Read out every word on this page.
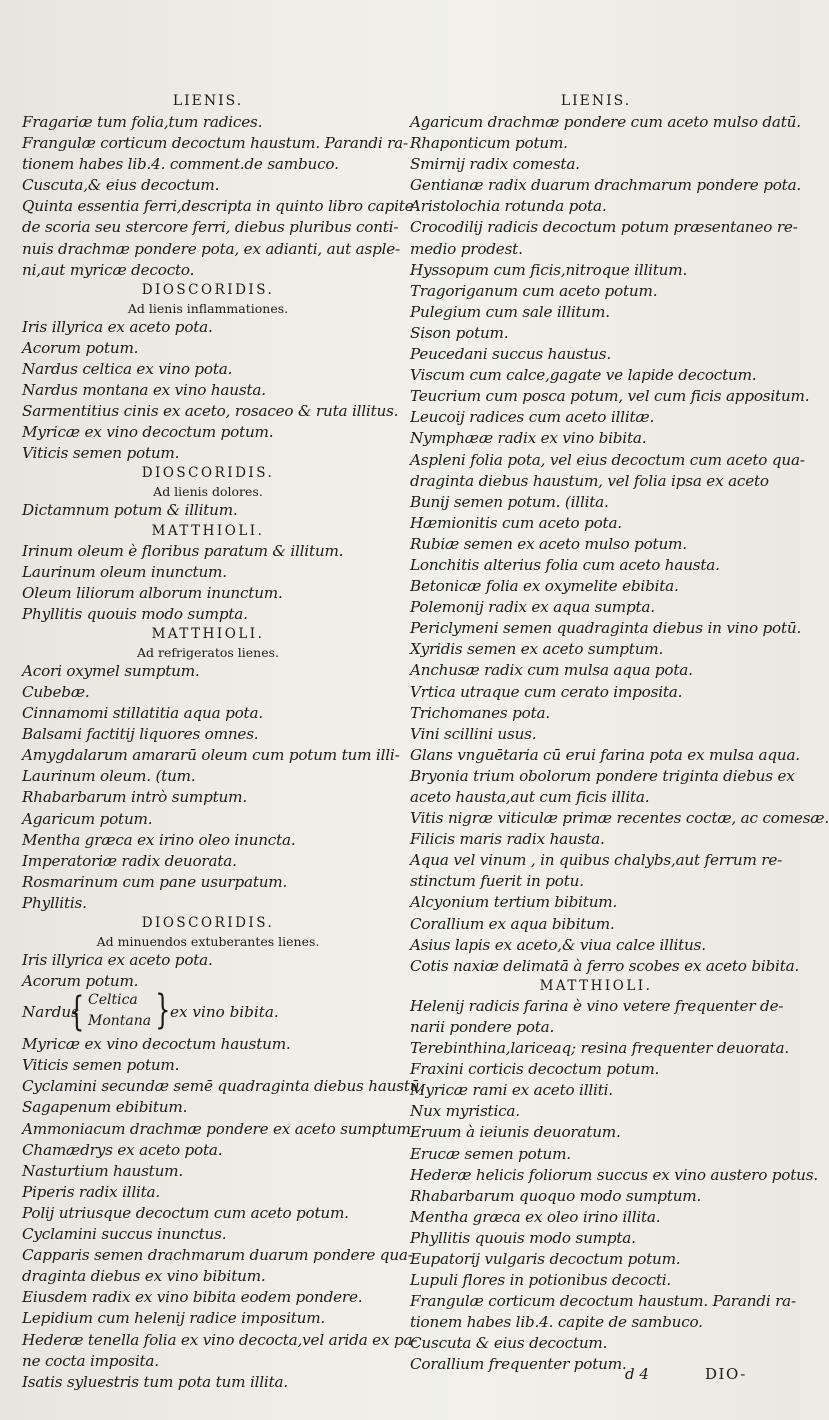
LIENIS.
Fragariæ tum folia,tum radices.
Frangulæ corticum decoctum haustum. Parandi ra-
tionem habes lib.4. comment.de sambuco.
Cuscuta,& eius decoctum.
Quinta essentia ferri,descripta in quinto libro capite
de scoria seu stercore ferri, diebus pluribus conti-
nuis drachmæ pondere pota, ex adianti, aut asple-
ni,aut myricæ decocto.
DIOSCORIDIS.
Ad lienis inflammationes.
Iris illyrica ex aceto pota.
Acorum potum.
Nardus celtica ex vino pota.
Nardus montana ex vino hausta.
Sarmentitius cinis ex aceto, rosaceo & ruta illitus.
Myricæ ex vino decoctum potum.
Viticis semen potum.
DIOSCORIDIS.
Ad lienis dolores.
Dictamnum potum & illitum.
MATTHIOLI.
Irinum oleum è floribus paratum & illitum.
Laurinum oleum inunctum.
Oleum liliorum alborum inunctum.
Phyllitis quouis modo sumpta.
MATTHIOLI.
Ad refrigeratos lienes.
Acori oxymel sumptum.
Cubebæ.
Cinnamomi stillatitia aqua pota.
Balsami factitij liquores omnes.
Amygdalarum amararū oleum cum potum tum illi-
Laurinum oleum. (tum.
Rhabarbarum intrò sumptum.
Agaricum potum.
Mentha græca ex irino oleo inuncta.
Imperatoriæ radix deuorata.
Rosmarinum cum pane usurpatum.
Phyllitis.
DIOSCORIDIS.
Ad minuendos extuberantes lienes.
Iris illyrica ex aceto pota.
Acorum potum.
Nardus
{ Celtica
Montana { ex vino bibita.
Myricæ ex vino decoctum haustum.
Viticis semen potum.
Cyclamini secundæ semē quadraginta diebus haustū.
Sagapenum ebibitum.
Ammoniacum drachmæ pondere ex aceto sumptum.
Chamædrys ex aceto pota.
Nasturtium haustum.
Piperis radix illita.
Polij utriusque decoctum cum aceto potum.
Cyclamini succus inunctus.
Capparis semen drachmarum duarum pondere qua-
draginta diebus ex vino bibitum.
Eiusdem radix ex vino bibita eodem pondere.
Lepidium cum helenij radice impositum.
Hederæ tenella folia ex vino decocta,vel arida ex pa-
ne cocta imposita.
Isatis syluestris tum pota tum illita.
LIENIS.
Agaricum drachmæ pondere cum aceto mulso datū.
Rhaponticum potum.
Smirnij radix comesta.
Gentianæ radix duarum drachmarum pondere pota.
Aristolochia rotunda pota.
Crocodilij radicis decoctum potum præsentaneo re-
medio prodest.
Hyssopum cum ficis,nitroque illitum.
Tragoriganum cum aceto potum.
Pulegium cum sale illitum.
Sison potum.
Peucedani succus haustus.
Viscum cum calce,gagate ve lapide decoctum.
Teucrium cum posca potum, vel cum ficis appositum.
Leucoij radices cum aceto illitæ.
Nymphææ radix ex vino bibita.
Aspleni folia pota, vel eius decoctum cum aceto qua-
draginta diebus haustum, vel folia ipsa ex aceto
Bunij semen potum. (illita.
Hæmionitis cum aceto pota.
Rubiæ semen ex aceto mulso potum.
Lonchitis alterius folia cum aceto hausta.
Betonicæ folia ex oxymelite ebibita.
Polemonij radix ex aqua sumpta.
Periclymeni semen quadraginta diebus in vino potū.
Xyridis semen ex aceto sumptum.
Anchusæ radix cum mulsa aqua pota.
Vrtica utraque cum cerato imposita.
Trichomanes pota.
Vini scillini usus.
Glans vnguētaria cū erui farina pota ex mulsa aqua.
Bryonia trium obolorum pondere triginta diebus ex
aceto hausta,aut cum ficis illita.
Vitis nigræ viticulæ primæ recentes coctæ, ac comesæ.
Filicis maris radix hausta.
Aqua vel vinum , in quibus chalybs,aut ferrum re-
stinctum fuerit in potu.
Alcyonium tertium bibitum.
Corallium ex aqua bibitum.
Asius lapis ex aceto,& viua calce illitus.
Cotis naxiæ delimatā à ferro scobes ex aceto bibita.
MATTHIOLI.
Helenij radicis farina è vino vetere frequenter de-
narii pondere pota.
Terebinthina,lariceaq; resina frequenter deuorata.
Fraxini corticis decoctum potum.
Myricæ rami ex aceto illiti.
Nux myristica.
Eruum à ieiunis deuoratum.
Erucæ semen potum.
Hederæ helicis foliorum succus ex vino austero potus.
Rhabarbarum quoquo modo sumptum.
Mentha græca ex oleo irino illita.
Phyllitis quouis modo sumpta.
Eupatorij vulgaris decoctum potum.
Lupuli flores in potionibus decocti.
Frangulæ corticum decoctum haustum. Parandi ra-
tionem habes lib.4. capite de sambuco.
Cuscuta & eius decoctum.
Corallium frequenter potum.
d 4	DIO-
